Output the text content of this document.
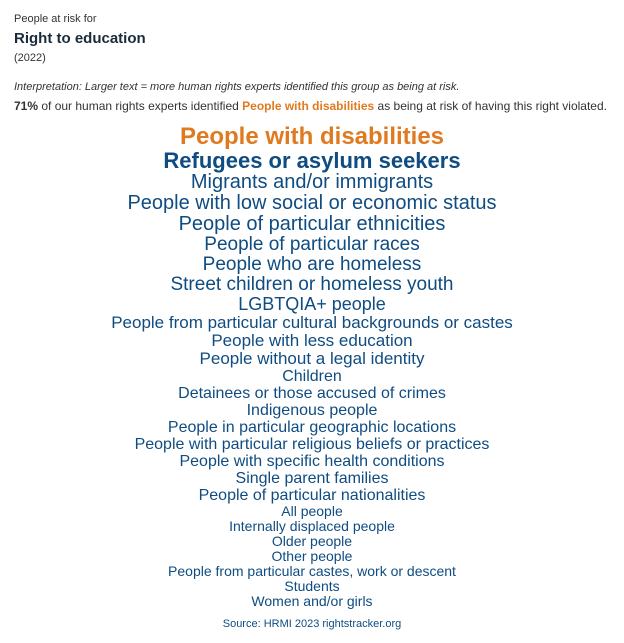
People at risk for
Right to education
(2022)
Interpretation: Larger text = more human rights experts identified this group as being at risk.
71% of our human rights experts identified People with disabilities as being at risk of having this right violated.
People with disabilities
Refugees or asylum seekers
Migrants and/or immigrants
People with low social or economic status
People of particular ethnicities
People of particular races
People who are homeless
Street children or homeless youth
LGBTQIA+ people
People from particular cultural backgrounds or castes
People with less education
People without a legal identity
Children
Detainees or those accused of crimes
Indigenous people
People in particular geographic locations
People with particular religious beliefs or practices
People with specific health conditions
Single parent families
People of particular nationalities
All people
Internally displaced people
Older people
Other people
People from particular castes, work or descent
Students
Women and/or girls
Source: HRMI 2023 rightstracker.org
